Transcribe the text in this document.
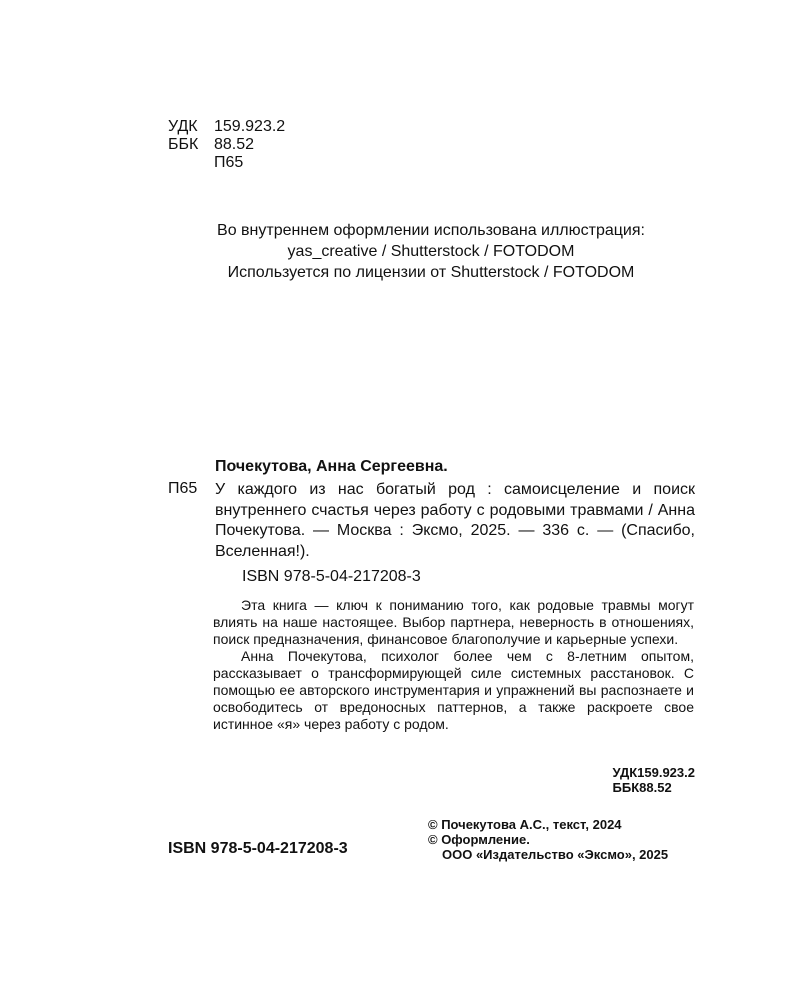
УДК 159.923.2
ББК 88.52
П65
Во внутреннем оформлении использована иллюстрация:
yas_creative / Shutterstock / FOTODOM
Используется по лицензии от Shutterstock / FOTODOM
Почекутова, Анна Сергеевна.
П65 У каждого из нас богатый род : самоисцеление и поиск внутреннего счастья через работу с родовыми травмами / Анна Почекутова. — Москва : Эксмо, 2025. — 336 с. — (Спасибо, Вселенная!).
ISBN 978-5-04-217208-3

Эта книга — ключ к пониманию того, как родовые травмы могут влиять на наше настоящее. Выбор партнера, неверность в отношениях, поиск предназначения, финансовое благополучие и карьерные успехи.

Анна Почекутова, психолог более чем с 8-летним опытом, рассказывает о трансформирующей силе системных расстановок. С помощью ее авторского инструментария и упражнений вы распознаете и освободитесь от вредоносных паттернов, а также раскроете свое истинное «я» через работу с родом.

УДК159.923.2
ББК88.52
ISBN 978-5-04-217208-3
© Почекутова А.С., текст, 2024
© Оформление.
ООО «Издательство «Эксмо», 2025
